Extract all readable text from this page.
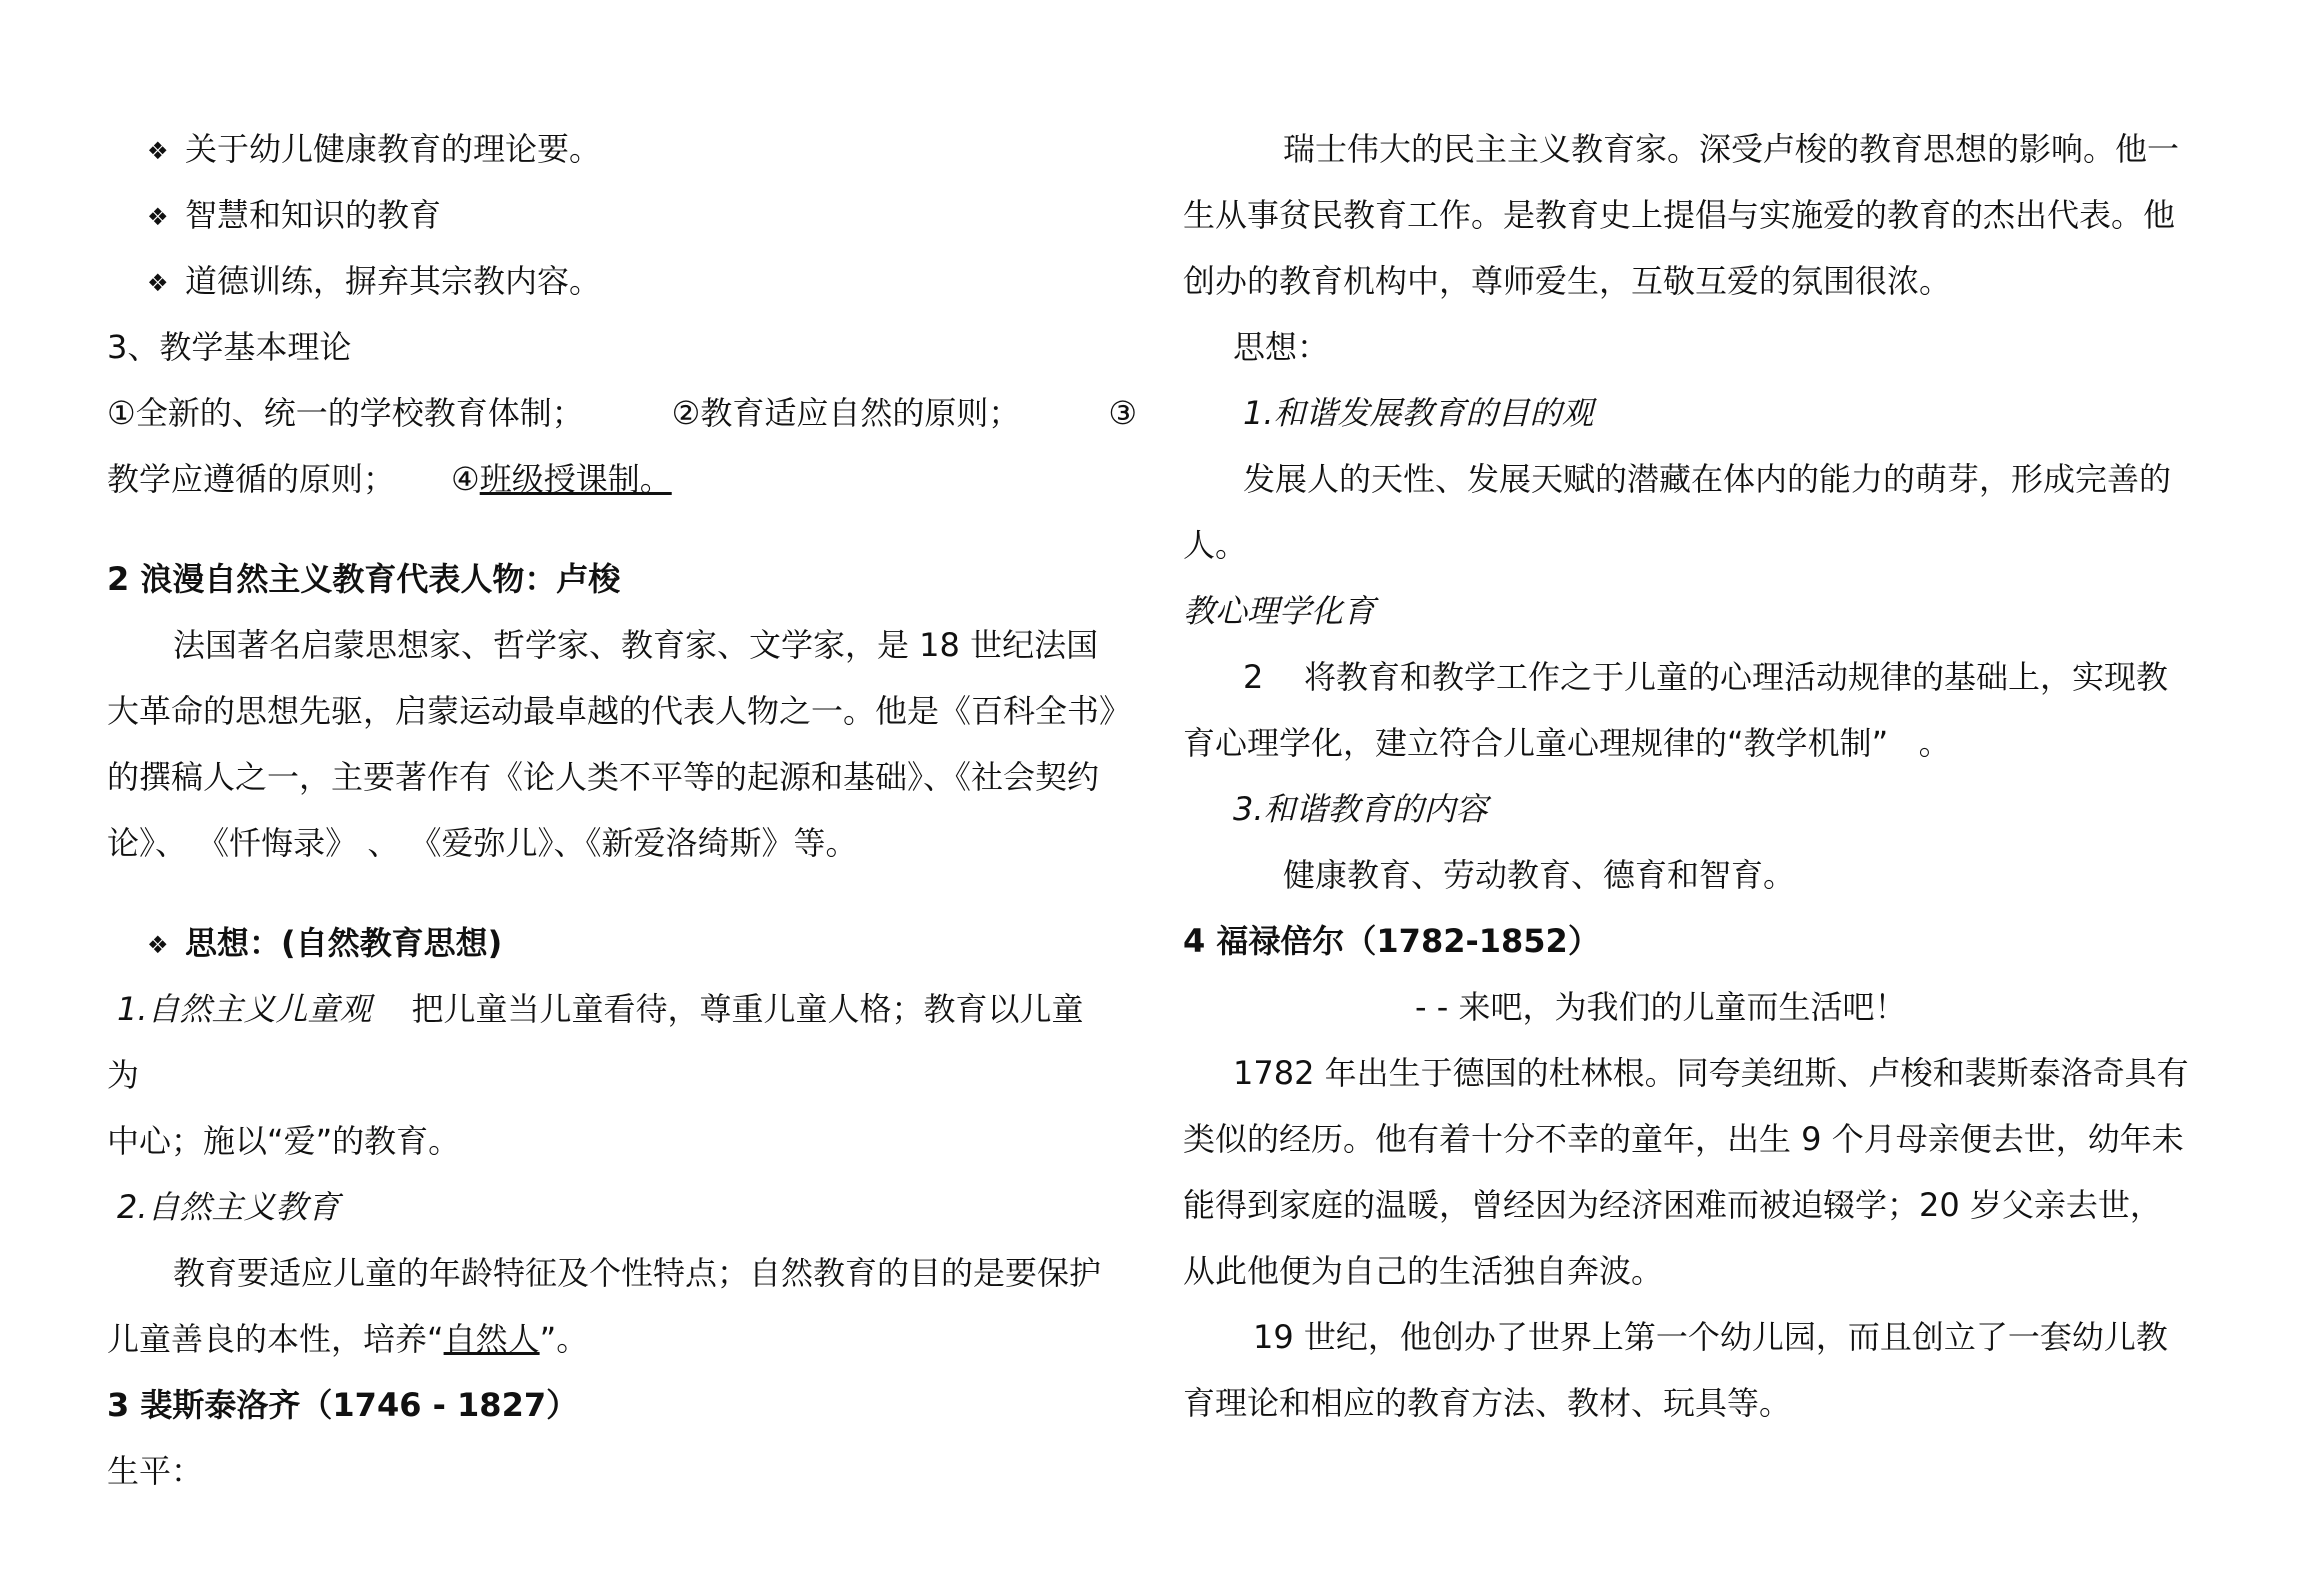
❖ 关于幼儿健康教育的理论要。
❖ 智慧和知识的教育
❖ 道德训练，摒弃其宗教内容。
3、教学基本理论
①全新的、统一的学校教育体制；	②教育适应自然的原则；	③
教学应遵循的原则； ④班级授课制。
2 浪漫自然主义教育代表人物：卢梭
法国著名启蒙思想家、哲学家、教育家、文学家，是 18 世纪法国
大革命的思想先驱，启蒙运动最卓越的代表人物之一。他是《百科全书》
的撰稿人之一，主要著作有《论人类不平等的起源和基础》、《社会契约
论》、 《忏悔录》 、 《爱弥儿》、《新爱洛绮斯》等。
❖ 思想：(自然教育思想)
1.自然主义儿童观 把儿童当儿童看待，尊重儿童人格；教育以儿童
为
中心；施以“爱”的教育。
2.自然主义教育
教育要适应儿童的年龄特征及个性特点；自然教育的目的是要保护
儿童善良的本性，培养“自然人”。
3 裴斯泰洛齐（1746 - 1827）
生平：
瑞士伟大的民主主义教育家。深受卢梭的教育思想的影响。他一
生从事贫民教育工作。是教育史上提倡与实施爱的教育的杰出代表。他
创办的教育机构中，尊师爱生，互敬互爱的氛围很浓。
思想：
1.和谐发展教育的目的观
发展人的天性、发展天赋的潜藏在体内的能力的萌芽，形成完善的
人。
教心理学化育
2    将教育和教学工作之于儿童的心理活动规律的基础上，实现教
育心理学化，建立符合儿童心理规律的“教学机制”   。
3.和谐教育的内容
健康教育、劳动教育、德育和智育。
4 福禄倍尔（1782-1852）
- - 来吧，为我们的儿童而生活吧！
1782 年出生于德国的杜林根。同夸美纽斯、卢梭和裴斯泰洛奇具有
类似的经历。他有着十分不幸的童年，出生 9 个月母亲便去世，幼年未
能得到家庭的温暖，曾经因为经济困难而被迫辍学；20 岁父亲去世，
从此他便为自己的生活独自奔波。
19 世纪，他创办了世界上第一个幼儿园，而且创立了一套幼儿教
育理论和相应的教育方法、教材、玩具等。
